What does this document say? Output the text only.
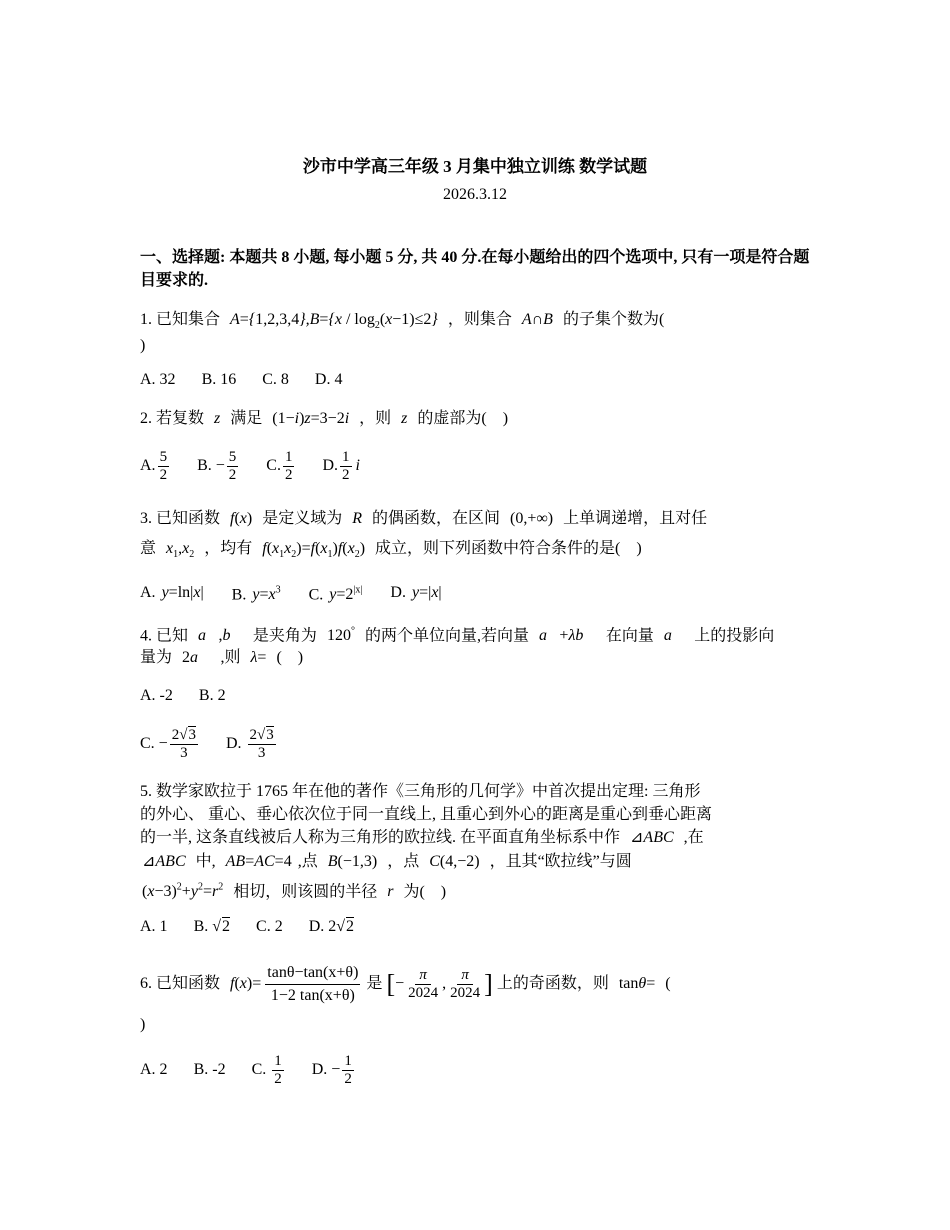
沙市中学高三年级 3 月集中独立训练 数学试题
2026.3.12
一、选择题: 本题共 8 小题, 每小题 5 分, 共 40 分.在每小题给出的四个选项中, 只有一项是符合题目要求的.
1. 已知集合  $A=\{1,2,3,4\},B=\{x / \log_2(x-1)\le 2\}$  ，则集合  A∩B  的子集个数为(
)
A. 32 B. 16 C. 8 D. 4
2. 若复数  z  满足 (1−i)z=3−2i  ，则  z  的虚部为(    )
A. $\frac{5}{2} B$. − $\frac{5}{2} C$. $\frac{1}{2} D$. $\frac{1}{2}$ i
3. 已知函数  f(x) 是定义域为  R  的偶函数，在区间  (0,+∞)  上单调递增，且对任
意  $x_1,x_2$ ，均有  $f(x_1x_2)=f(x_1)f(x_2)$ 成立，则下列函数中符合条件的是(    )
A. y=ln|x| B. $y=x^3$ C. $y=2^{|x|}$ D. y=|x|
4. 已知  a⃗,b⃗  是夹角为  120° 的两个单位向量,若向量  a⃗+λb⃗  在向量  a⃗  上的投影向
量为  2a⃗  ,则  λ= (    )
A. -2 B. 2
C. − $\frac{2√3}{3} D$. $\frac{2√3}{3}$
5. 数学家欧拉于 1765 年在他的著作《三角形的几何学》中首次提出定理: 三角形
的外心、 重心、垂心依次位于同一直线上, 且重心到外心的距离是重心到垂心距离
的一半, 这条直线被后人称为三角形的欧拉线. 在平面直角坐标系中作 ⊿ABC  ,在
⊿ABC  中,  AB=AC=4 ,点  B(−1,3) ，点  C(4,−2) ，且其“欧拉线”与圆
$(x-3)^2+y^2=r^2$ 相切，则该圆的半径  r  为(    )
A. 1 B. √2 C. 2 D. 2√2
6. 已知函数  $f(x)= \frac{\tan\theta-\tan(x+\theta)}{1-2 \tan(x+\theta)}$ 是 [− $\frac{\pi}{2024}$ , $\frac{\pi}{2024}$ ] 上的奇函数，则 tanθ= (
)
A. 2 B. -2 C. $\frac{1}{2} D$. − $\frac{1}{2}$
